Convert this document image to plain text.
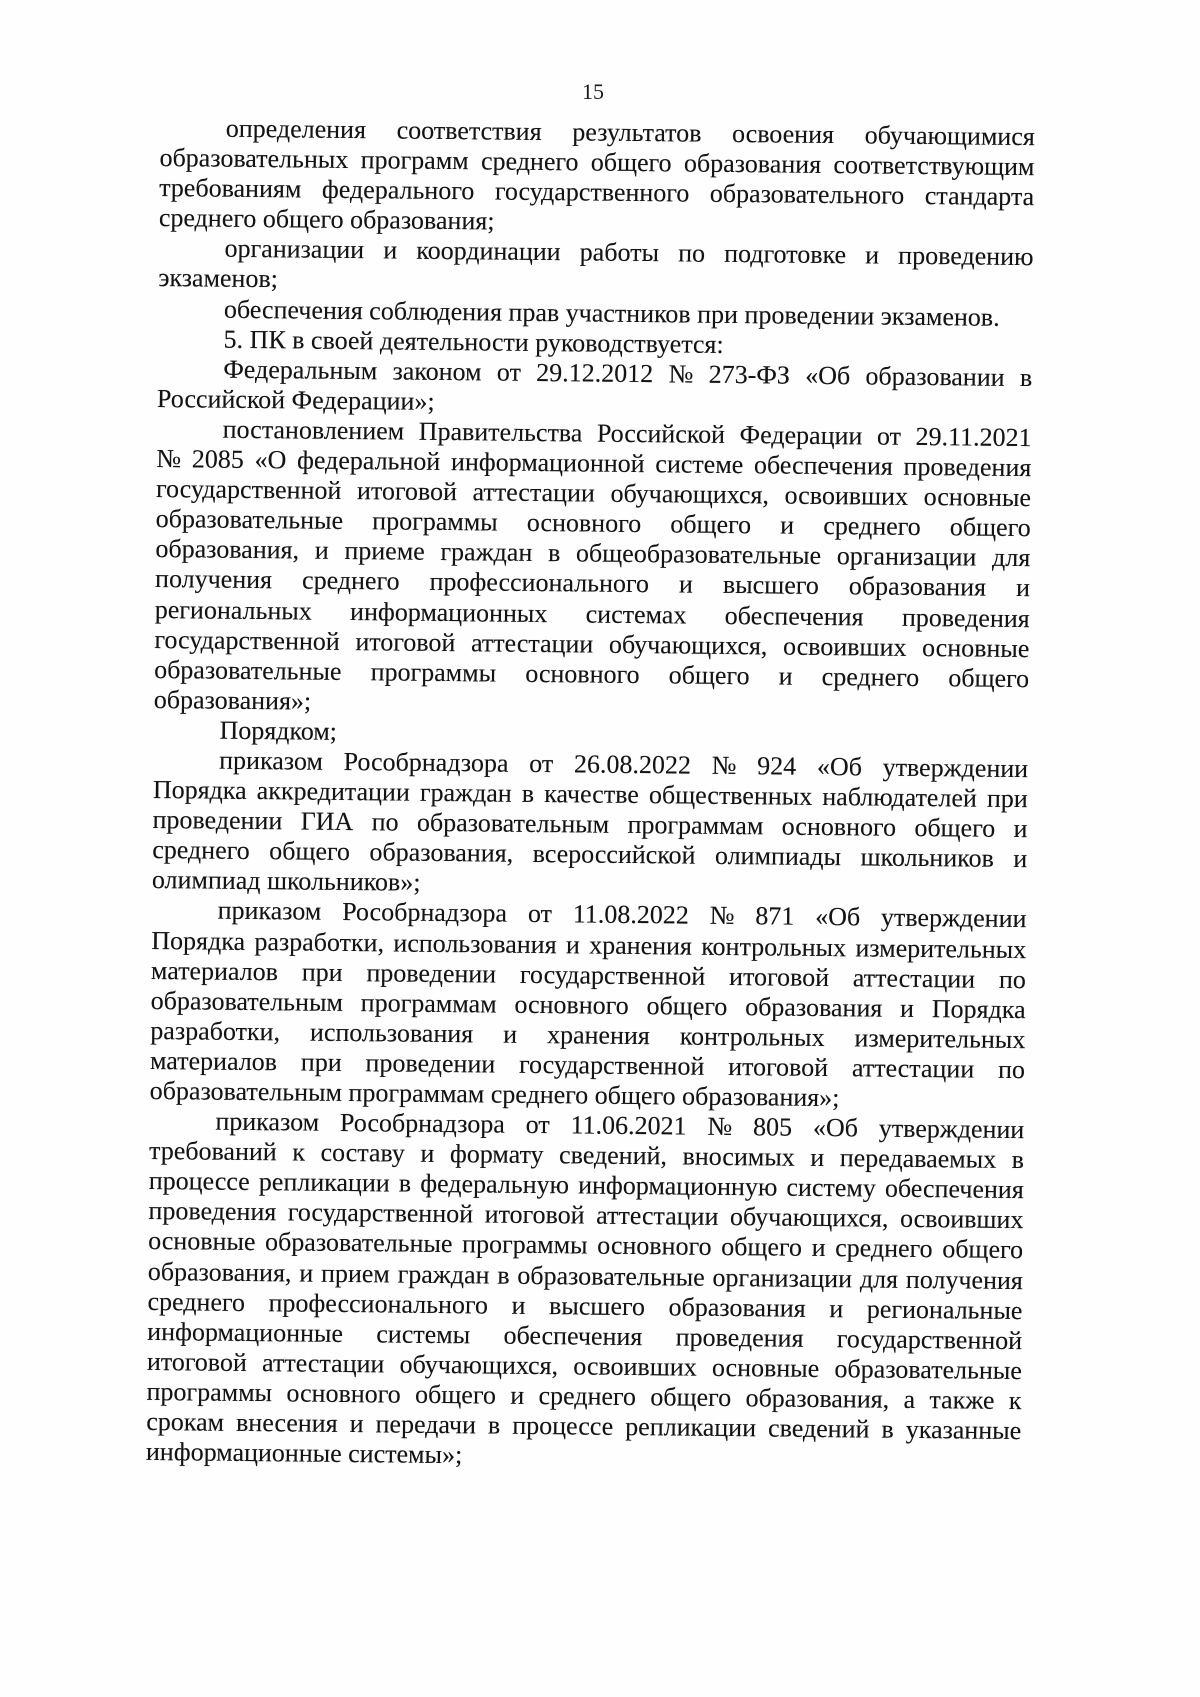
15
определения соответствия результатов освоения обучающимися
образовательных программ среднего общего образования соответствующим
требованиям федерального государственного образовательного стандарта
среднего общего образования;
организации и координации работы по подготовке и проведению
экзаменов;
обеспечения соблюдения прав участников при проведении экзаменов.
5. ПК в своей деятельности руководствуется:
Федеральным законом от 29.12.2012 № 273-ФЗ «Об образовании в
Российской Федерации»;
постановлением Правительства Российской Федерации от 29.11.2021
№ 2085 «О федеральной информационной системе обеспечения проведения
государственной итоговой аттестации обучающихся, освоивших основные
образовательные программы основного общего и среднего общего
образования, и приеме граждан в общеобразовательные организации для
получения среднего профессионального и высшего образования и
региональных информационных системах обеспечения проведения
государственной итоговой аттестации обучающихся, освоивших основные
образовательные программы основного общего и среднего общего
образования»;
Порядком;
приказом Рособрнадзора от 26.08.2022 № 924 «Об утверждении
Порядка аккредитации граждан в качестве общественных наблюдателей при
проведении ГИА по образовательным программам основного общего и
среднего общего образования, всероссийской олимпиады школьников и
олимпиад школьников»;
приказом Рособрнадзора от 11.08.2022 № 871 «Об утверждении
Порядка разработки, использования и хранения контрольных измерительных
материалов при проведении государственной итоговой аттестации по
образовательным программам основного общего образования и Порядка
разработки, использования и хранения контрольных измерительных
материалов при проведении государственной итоговой аттестации по
образовательным программам среднего общего образования»;
приказом Рособрнадзора от 11.06.2021 № 805 «Об утверждении
требований к составу и формату сведений, вносимых и передаваемых в
процессе репликации в федеральную информационную систему обеспечения
проведения государственной итоговой аттестации обучающихся, освоивших
основные образовательные программы основного общего и среднего общего
образования, и прием граждан в образовательные организации для получения
среднего профессионального и высшего образования и региональные
информационные системы обеспечения проведения государственной
итоговой аттестации обучающихся, освоивших основные образовательные
программы основного общего и среднего общего образования, а также к
срокам внесения и передачи в процессе репликации сведений в указанные
информационные системы»;
